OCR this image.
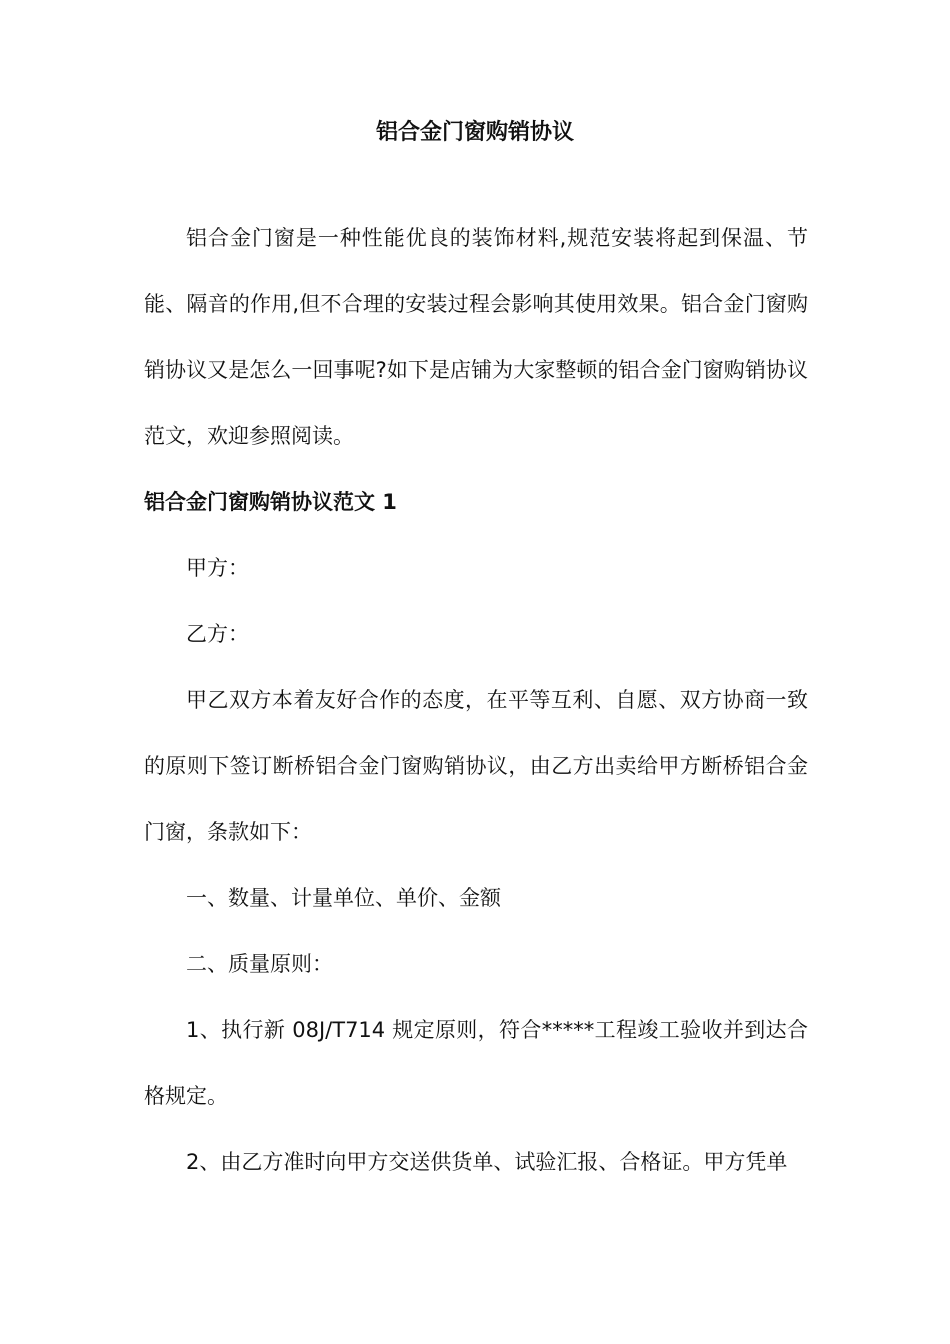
铝合金门窗购销协议

铝合金门窗是一种性能优良的装饰材料,规范安装将起到保温、节能、隔音的作用,但不合理的安装过程会影响其使用效果。铝合金门窗购销协议又是怎么一回事呢?如下是店铺为大家整顿的铝合金门窗购销协议范文，欢迎参照阅读。

铝合金门窗购销协议范文 1

甲方：

乙方：

甲乙双方本着友好合作的态度，在平等互利、自愿、双方协商一致的原则下签订断桥铝合金门窗购销协议，由乙方出卖给甲方断桥铝合金门窗，条款如下：

一、数量、计量单位、单价、金额

二、质量原则：

1、执行新 08J/T714 规定原则，符合*****工程竣工验收并到达合格规定。

2、由乙方准时向甲方交送供货单、试验汇报、合格证。甲方凭单
